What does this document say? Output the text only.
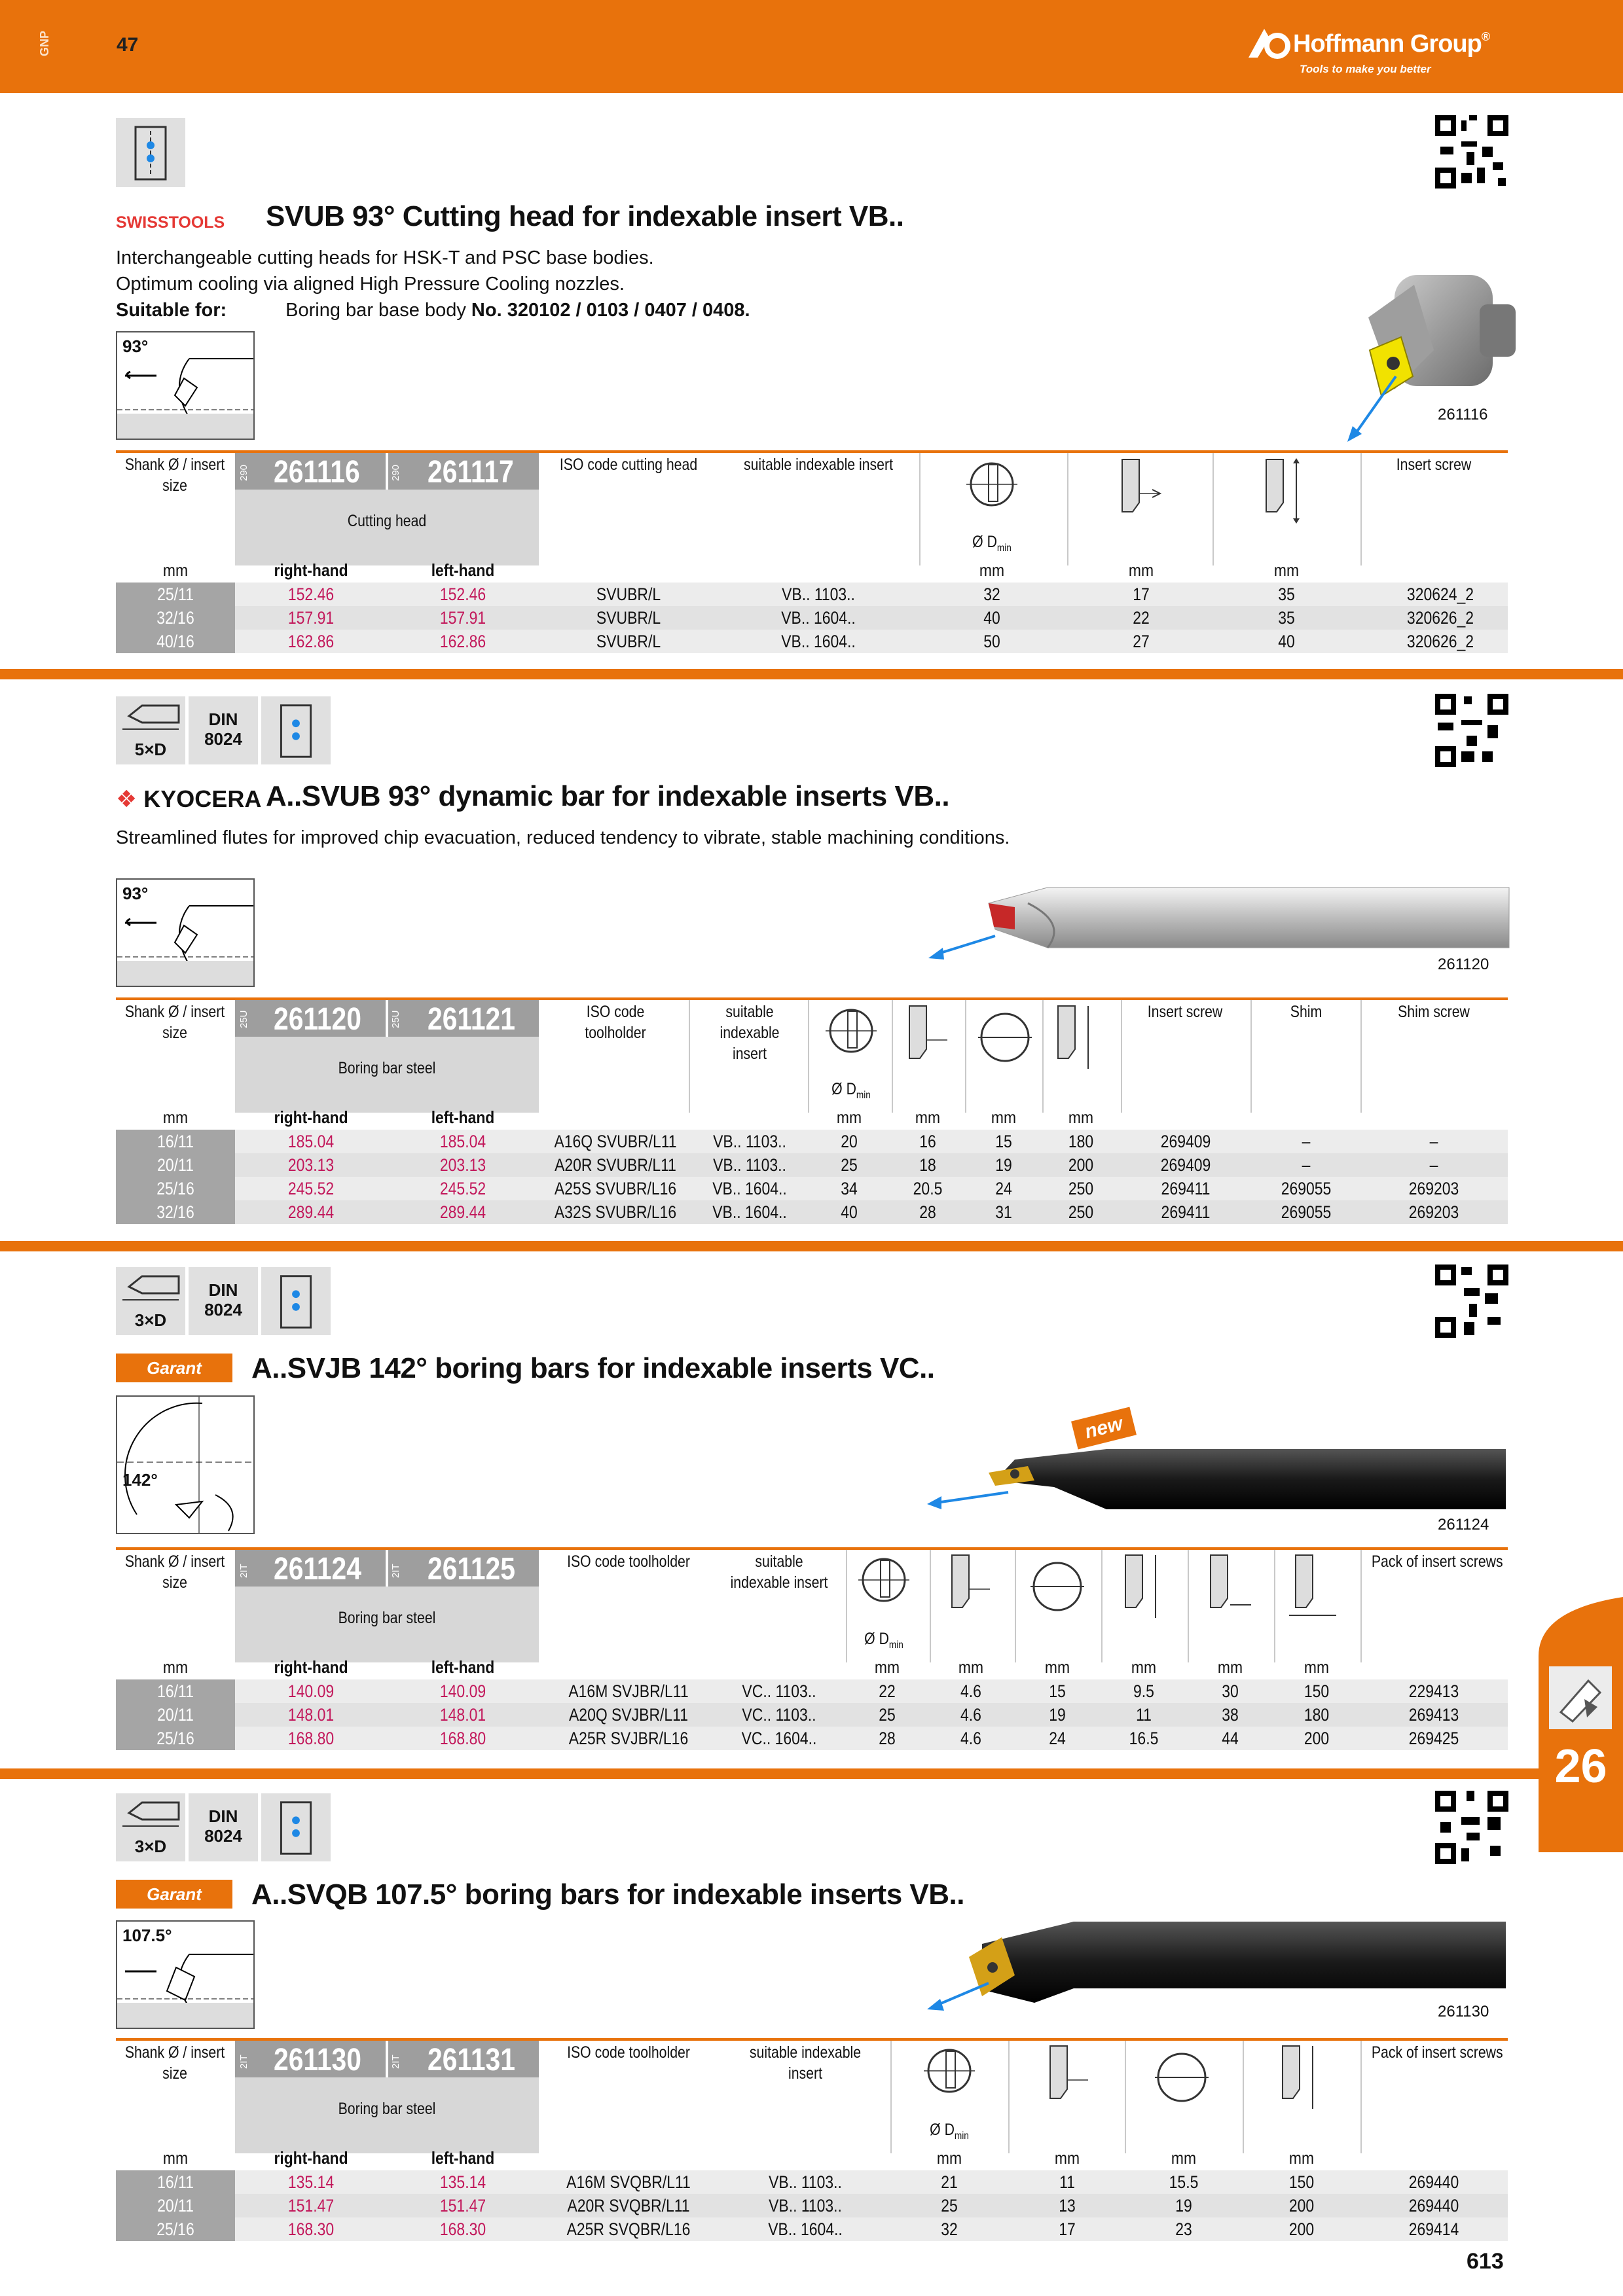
GNP	47	Hoffmann Group®
Tools to make you better
SWISSTOOLS SVUB 93° Cutting head for indexable insert VB..
Interchangeable cutting heads for HSK-T and PSC base bodies.
Optimum cooling via aligned High Pressure Cooling nozzles.
Suitable for:	Boring bar base body No. 320102 / 0103 / 0407 / 0408.
93°
261116
290 261116	290 261117
Cutting head
Shank Ø / insert size
ISO code cutting head	suitable indexable insert
Ø $D_{min}$
Insert screw
mm	right-hand	left-hand	mm	mm	mm
25/11	152.46	152.46	SVUBR/L	VB.. 1103..	32	17	35	320624_2
32/16	157.91	157.91	SVUBR/L	VB.. 1604..	40	22	35	320626_2
40/16	162.86	162.86	SVUBR/L	VB.. 1604..	50	27	40	320626_2
5×D
DIN 8024
❖ KYOCERA A..SVUB 93° dynamic bar for indexable inserts VB..
Streamlined flutes for improved chip evacuation, reduced tendency to vibrate, stable machining conditions.
93°
261120
25U 261120	25U 261121
Boring bar steel
Shank Ø / insert size
ISO code toolholder
suitable indexable insert
Ø $D_{min}$
Insert screw	Shim	Shim screw
mm	right-hand	left-hand	mm	mm	mm	mm
16/11	185.04	185.04	A16Q SVUBR/L11	VB.. 1103..	20	16	15	180	269409	–	–
20/11	203.13	203.13	A20R SVUBR/L11	VB.. 1103..	25	18	19	200	269409	–	–
25/16	245.52	245.52	A25S SVUBR/L16	VB.. 1604..	34	20.5	24	250	269411	269055	269203
32/16	289.44	289.44	A32S SVUBR/L16	VB.. 1604..	40	28	31	250	269411	269055	269203
3×D
DIN 8024
Garant	A..SVJB 142° boring bars for indexable inserts VC..
142°
new
261124
2IT 261124	2IT 261125
Boring bar steel
Shank Ø / insert size
ISO code toolholder	suitable indexable insert
Ø $D_{min}$
Pack of insert screws
mm	right-hand	left-hand	mm	mm	mm	mm	mm	mm
16/11	140.09	140.09	A16M SVJBR/L11	VC.. 1103..	22	4.6	15	9.5	30	150	229413
20/11	148.01	148.01	A20Q SVJBR/L11	VC.. 1103..	25	4.6	19	11	38	180	269413
25/16	168.80	168.80	A25R SVJBR/L16	VC.. 1604..	28	4.6	24	16.5	44	200	269425
3×D
DIN 8024
Garant	A..SVQB 107.5° boring bars for indexable inserts VB..
107.5°
261130
2IT 261130	2IT 261131
Boring bar steel
Shank Ø / insert size
ISO code toolholder	suitable indexable insert
Ø $D_{min}$
Pack of insert screws
mm	right-hand	left-hand	mm	mm	mm	mm
16/11	135.14	135.14	A16M SVQBR/L11	VB.. 1103..	21	11	15.5	150	269440
20/11	151.47	151.47	A20R SVQBR/L11	VB.. 1103..	25	13	19	200	269440
25/16	168.30	168.30	A25R SVQBR/L16	VB.. 1604..	32	17	23	200	269414
26
613
